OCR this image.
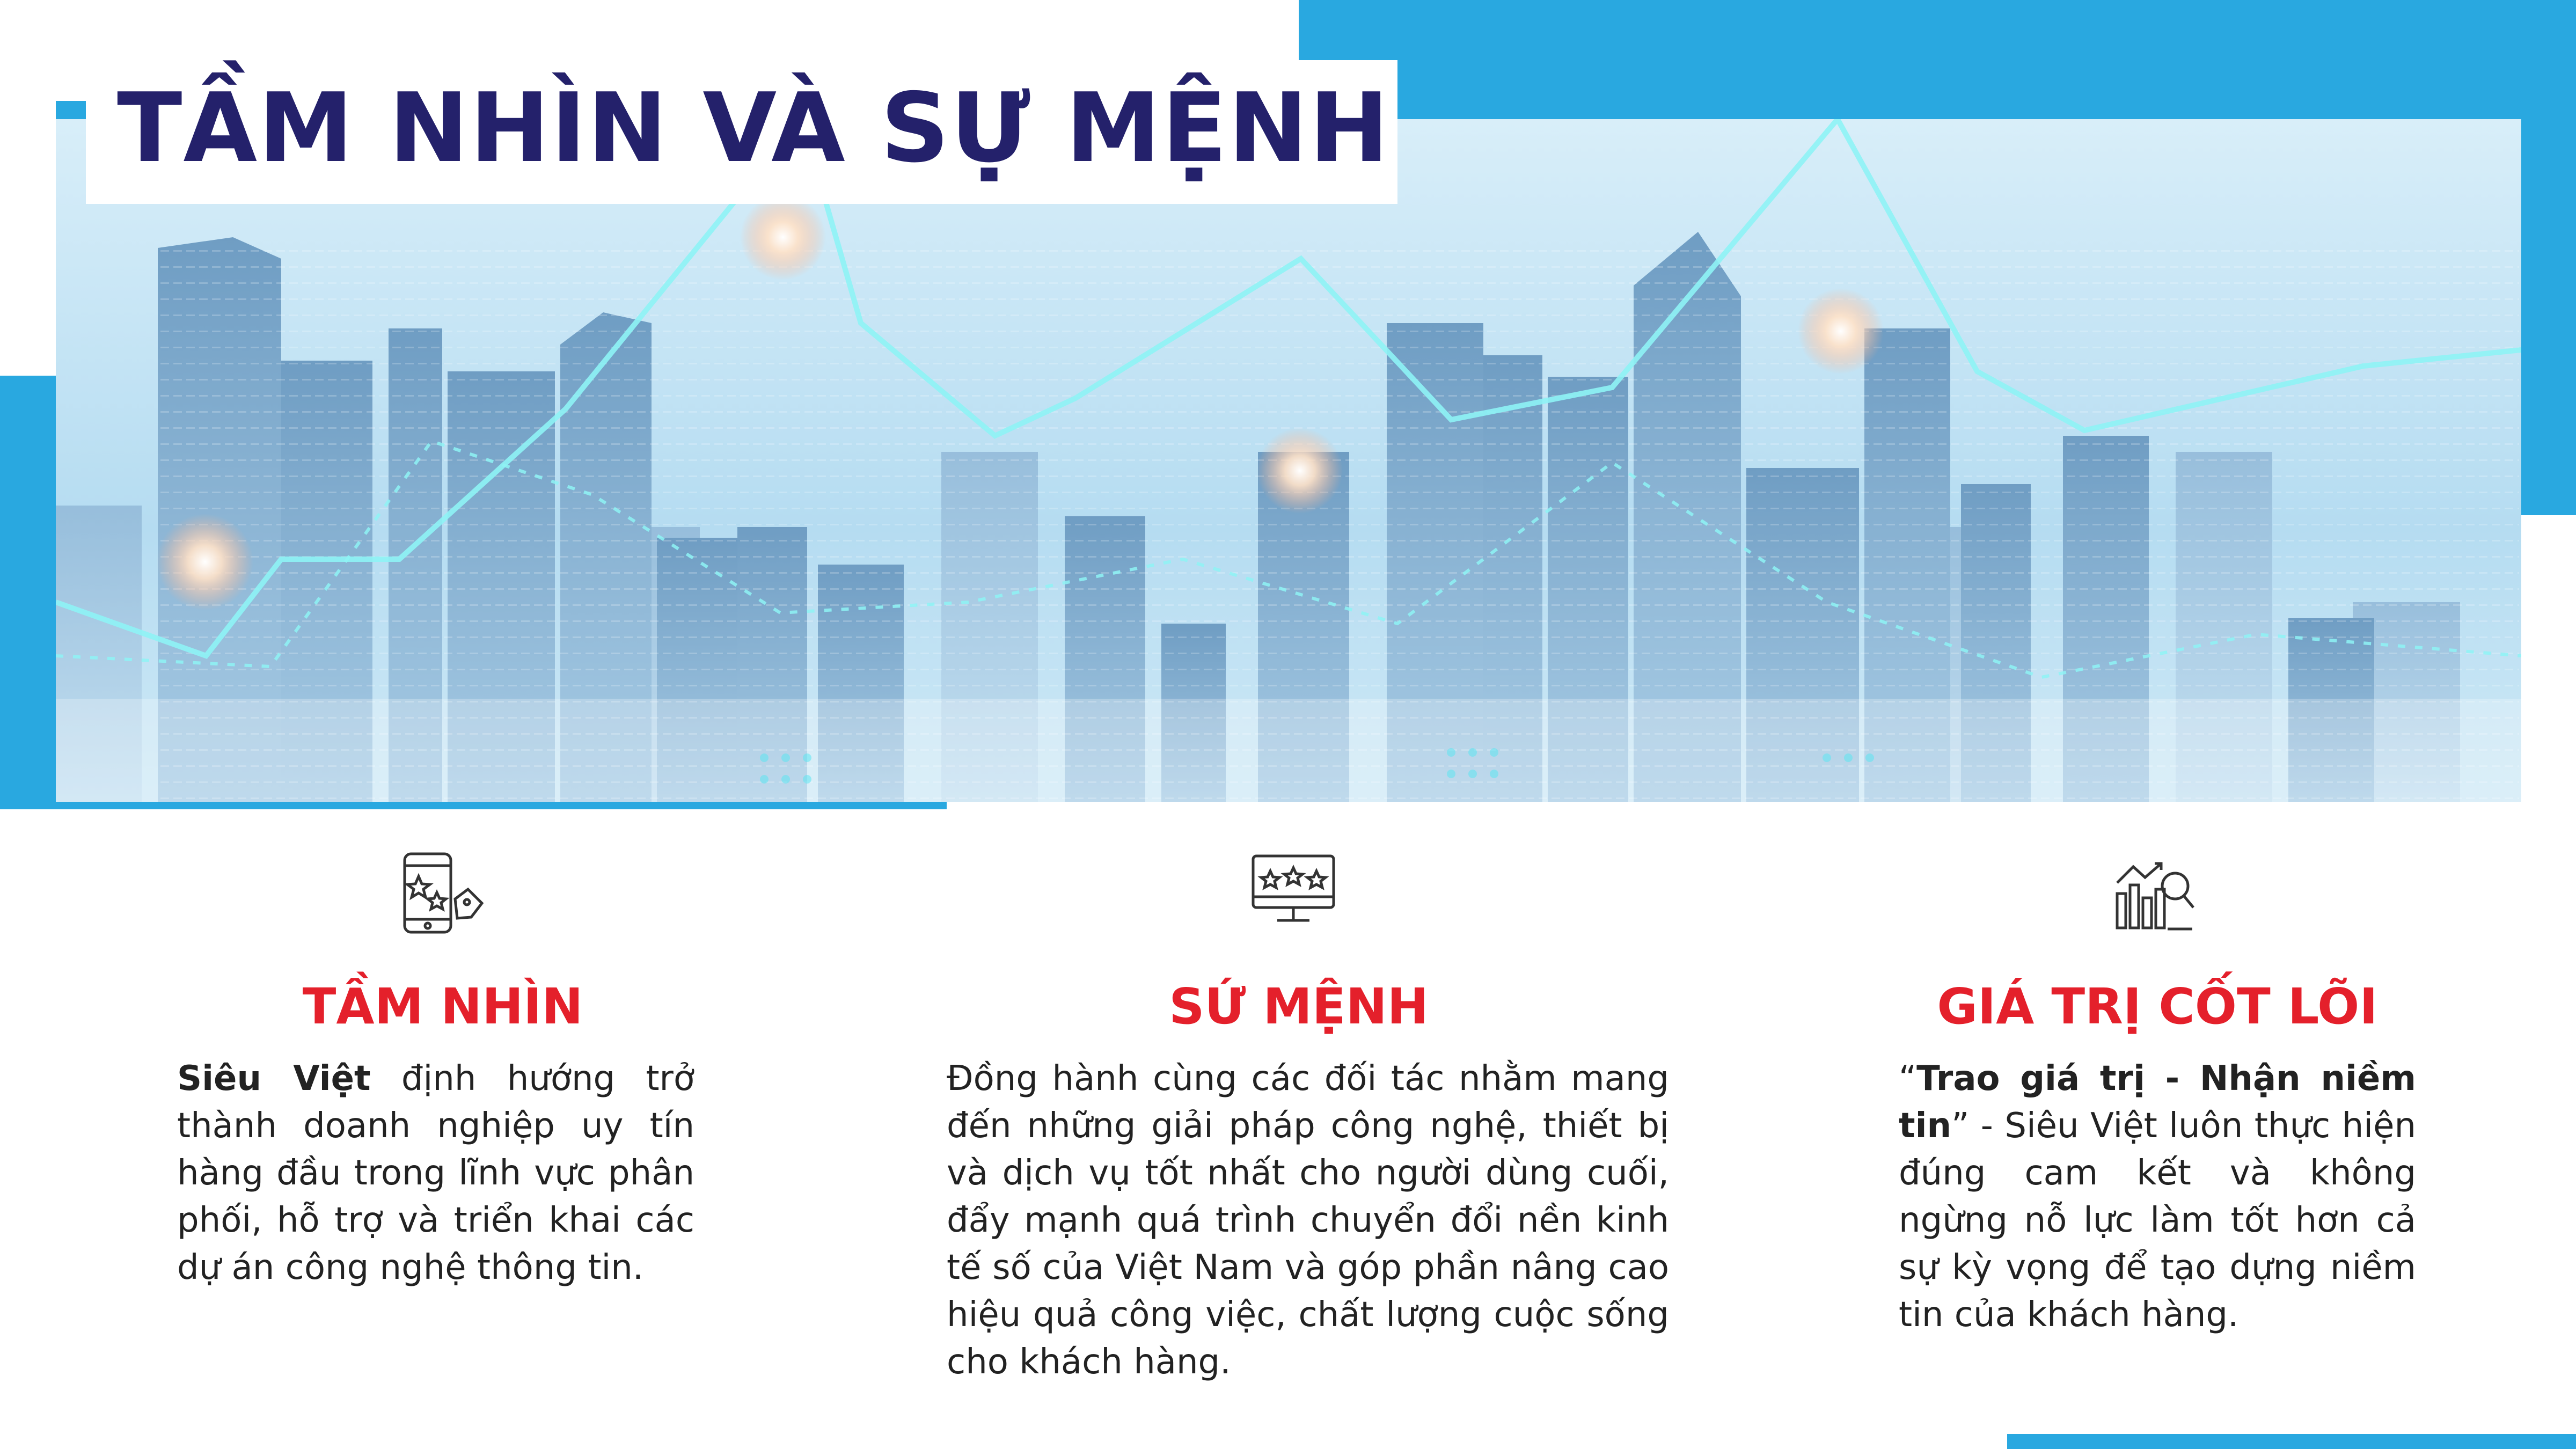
TẦM NHÌN VÀ SỰ MỆNH
TẦM NHÌN
Siêu Việt định hướng trở thành doanh nghiệp uy tín hàng đầu trong lĩnh vực phân phối, hỗ trợ và triển khai các dự án công nghệ thông tin.
SỨ MỆNH
Đồng hành cùng các đối tác nhằm mang đến những giải pháp công nghệ, thiết bị và dịch vụ tốt nhất cho người dùng cuối, đẩy mạnh quá trình chuyển đổi nền kinh tế số của Việt Nam và góp phần nâng cao hiệu quả công việc, chất lượng cuộc sống cho khách hàng.
GIÁ TRỊ CỐT LÕI
“Trao giá trị - Nhận niềm tin” - Siêu Việt luôn thực hiện đúng cam kết và không ngừng nỗ lực làm tốt hơn cả sự kỳ vọng để tạo dựng niềm tin của khách hàng.
